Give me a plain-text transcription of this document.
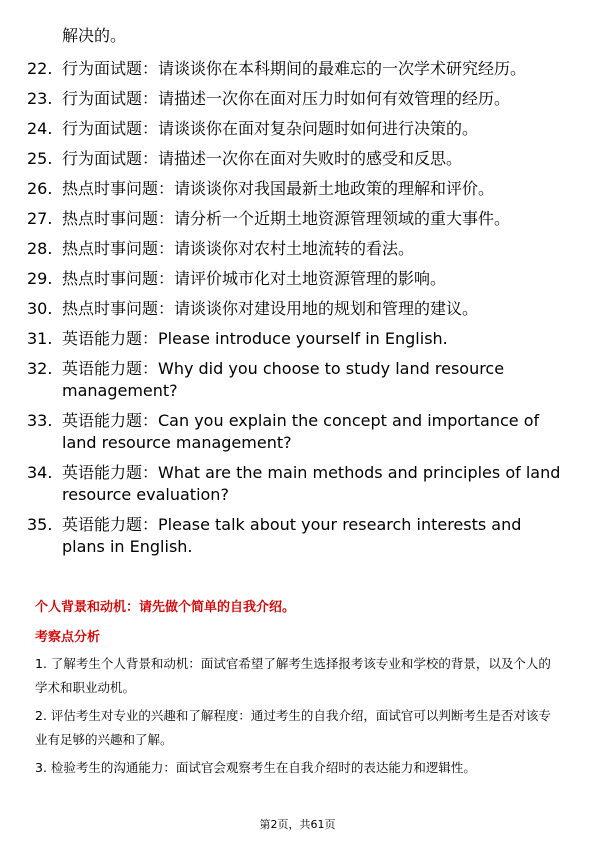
解决的。
22. 行为面试题：请谈谈你在本科期间的最难忘的一次学术研究经历。
23. 行为面试题：请描述一次你在面对压力时如何有效管理的经历。
24. 行为面试题：请谈谈你在面对复杂问题时如何进行决策的。
25. 行为面试题：请描述一次你在面对失败时的感受和反思。
26. 热点时事问题：请谈谈你对我国最新土地政策的理解和评价。
27. 热点时事问题：请分析一个近期土地资源管理领域的重大事件。
28. 热点时事问题：请谈谈你对农村土地流转的看法。
29. 热点时事问题：请评价城市化对土地资源管理的影响。
30. 热点时事问题：请谈谈你对建设用地的规划和管理的建议。
31. 英语能力题：Please introduce yourself in English.
32. 英语能力题：Why did you choose to study land resource management?
33. 英语能力题：Can you explain the concept and importance of land resource management?
34. 英语能力题：What are the main methods and principles of land resource evaluation?
35. 英语能力题：Please talk about your research interests and plans in English.
个人背景和动机：请先做个简单的自我介绍。
考察点分析

1. 了解考生个人背景和动机：面试官希望了解考生选择报考该专业和学校的背景，以及个人的学术和职业动机。

2. 评估考生对专业的兴趣和了解程度：通过考生的自我介绍，面试官可以判断考生是否对该专业有足够的兴趣和了解。

3. 检验考生的沟通能力：面试官会观察考生在自我介绍时的表达能力和逻辑性。

第2页，共61页
